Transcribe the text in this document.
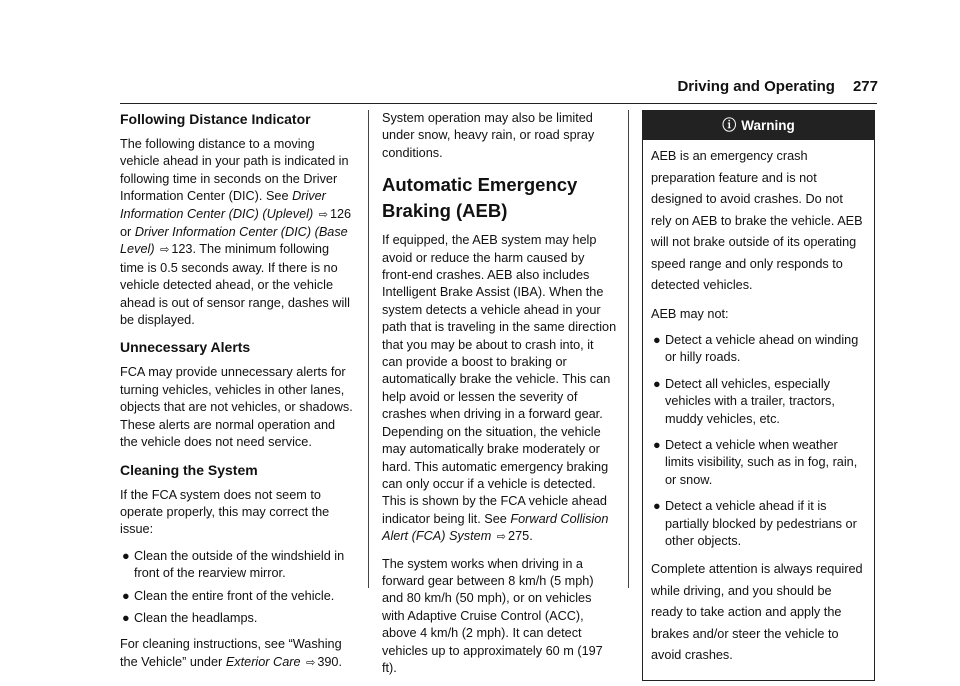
Driving and Operating 277
Following Distance Indicator

The following distance to a moving vehicle ahead in your path is indicated in following time in seconds on the Driver Information Center (DIC). See Driver Information Center (DIC) (Uplevel) ⇨ 126 or Driver Information Center (DIC) (Base Level) ⇨ 123. The minimum following time is 0.5 seconds away. If there is no vehicle detected ahead, or the vehicle ahead is out of sensor range, dashes will be displayed.

Unnecessary Alerts

FCA may provide unnecessary alerts for turning vehicles, vehicles in other lanes, objects that are not vehicles, or shadows. These alerts are normal operation and the vehicle does not need service.

Cleaning the System

If the FCA system does not seem to operate properly, this may correct the issue:

● Clean the outside of the windshield in front of the rearview mirror.
● Clean the entire front of the vehicle.
● Clean the headlamps.

For cleaning instructions, see “Washing the Vehicle” under Exterior Care ⇨ 390.

System operation may also be limited under snow, heavy rain, or road spray conditions.

Automatic Emergency Braking (AEB)

If equipped, the AEB system may help avoid or reduce the harm caused by front-end crashes. AEB also includes Intelligent Brake Assist (IBA). When the system detects a vehicle ahead in your path that is traveling in the same direction that you may be about to crash into, it can provide a boost to braking or automatically brake the vehicle. This can help avoid or lessen the severity of crashes when driving in a forward gear. Depending on the situation, the vehicle may automatically brake moderately or hard. This automatic emergency braking can only occur if a vehicle is detected. This is shown by the FCA vehicle ahead indicator being lit. See Forward Collision Alert (FCA) System ⇨ 275.

The system works when driving in a forward gear between 8 km/h (5 mph) and 80 km/h (50 mph), or on vehicles with Adaptive Cruise Control (ACC), above 4 km/h (2 mph). It can detect vehicles up to approximately 60 m (197 ft).

ⓘ Warning

AEB is an emergency crash preparation feature and is not designed to avoid crashes. Do not rely on AEB to brake the vehicle. AEB will not brake outside of its operating speed range and only responds to detected vehicles.

AEB may not:

● Detect a vehicle ahead on winding or hilly roads.
● Detect all vehicles, especially vehicles with a trailer, tractors, muddy vehicles, etc.
● Detect a vehicle when weather limits visibility, such as in fog, rain, or snow.
● Detect a vehicle ahead if it is partially blocked by pedestrians or other objects.

Complete attention is always required while driving, and you should be ready to take action and apply the brakes and/or steer the vehicle to avoid crashes.
